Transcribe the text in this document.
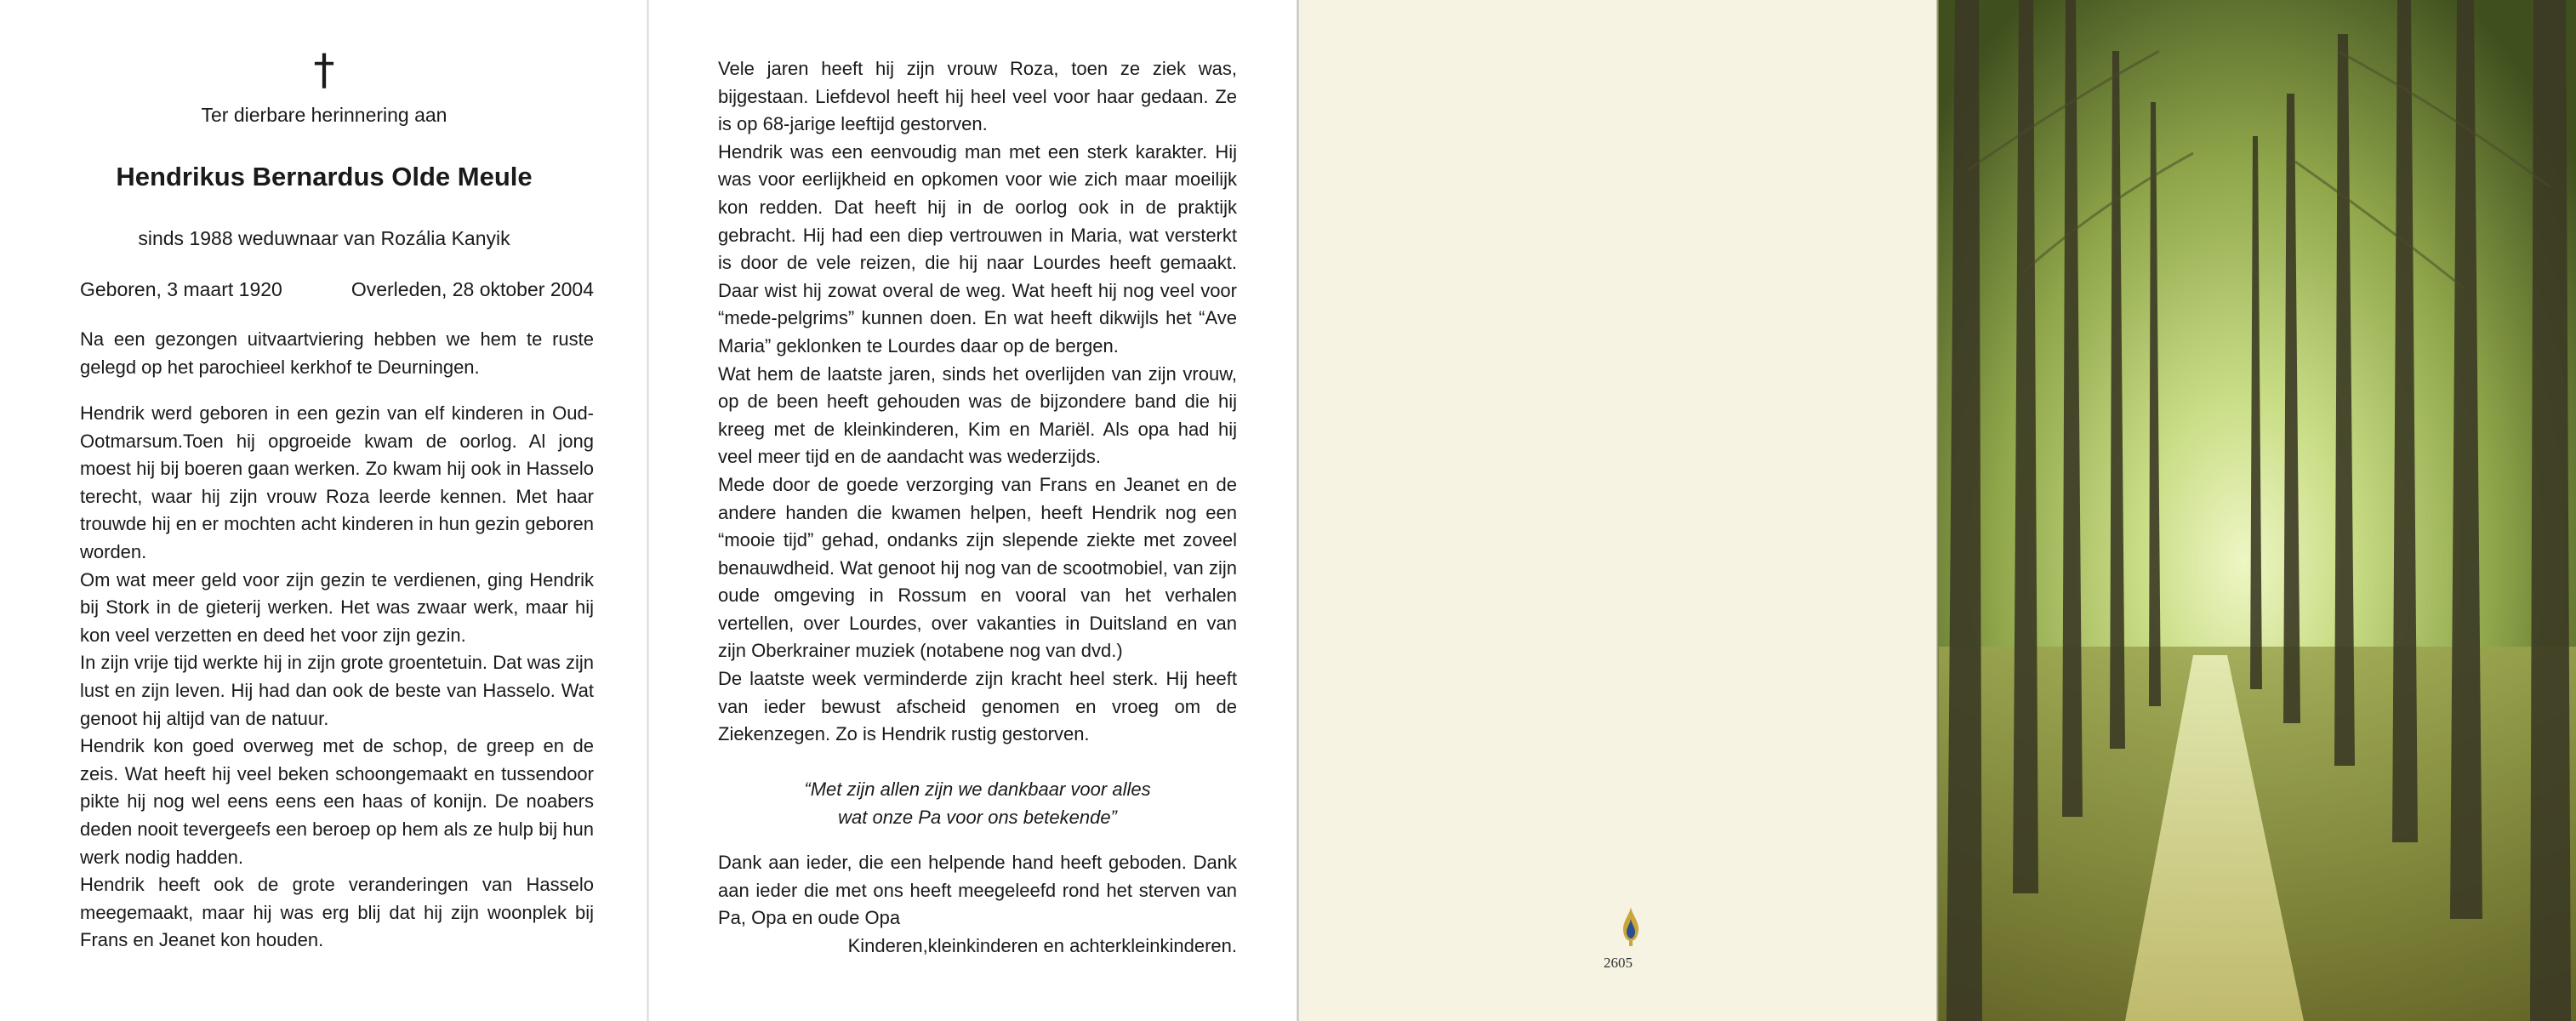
†
Ter dierbare herinnering aan
Hendrikus Bernardus Olde Meule
sinds 1988 weduwnaar van Rozália Kanyik
Geboren, 3 maart 1920	Overleden, 28 oktober 2004

Na een gezongen uitvaartviering hebben we hem te ruste gelegd op het parochieel kerkhof te Deurningen.

Hendrik werd geboren in een gezin van elf kinderen in Oud-Ootmarsum.Toen hij opgroeide kwam de oorlog. Al jong moest hij bij boeren gaan werken. Zo kwam hij ook in Hasselo terecht, waar hij zijn vrouw Roza leerde kennen. Met haar trouwde hij en er mochten acht kinderen in hun gezin geboren worden.

Om wat meer geld voor zijn gezin te verdienen, ging Hendrik bij Stork in de gieterij werken. Het was zwaar werk, maar hij kon veel verzetten en deed het voor zijn gezin.

In zijn vrije tijd werkte hij in zijn grote groentetuin. Dat was zijn lust en zijn leven. Hij had dan ook de beste van Hasselo. Wat genoot hij altijd van de natuur.

Hendrik kon goed overweg met de schop, de greep en de zeis. Wat heeft hij veel beken schoongemaakt en tussendoor pikte hij nog wel eens eens een haas of konijn. De noabers deden nooit tevergeefs een beroep op hem als ze hulp bij hun werk nodig hadden.

Hendrik heeft ook de grote veranderingen van Hasselo meegemaakt, maar hij was erg blij dat hij zijn woonplek bij Frans en Jeanet kon houden.

Vele jaren heeft hij zijn vrouw Roza, toen ze ziek was, bijgestaan. Liefdevol heeft hij heel veel voor haar gedaan. Ze is op 68-jarige leeftijd gestorven.

Hendrik was een eenvoudig man met een sterk karakter. Hij was voor eerlijkheid en opkomen voor wie zich maar moeilijk kon redden. Dat heeft hij in de oorlog ook in de praktijk gebracht. Hij had een diep vertrouwen in Maria, wat versterkt is door de vele reizen, die hij naar Lourdes heeft gemaakt. Daar wist hij zowat overal de weg. Wat heeft hij nog veel voor “mede-pelgrims” kunnen doen. En wat heeft dikwijls het “Ave Maria” geklonken te Lourdes daar op de bergen.

Wat hem de laatste jaren, sinds het overlijden van zijn vrouw, op de been heeft gehouden was de bijzondere band die hij kreeg met de kleinkinderen, Kim en Mariël. Als opa had hij veel meer tijd en de aandacht was wederzijds.

Mede door de goede verzorging van Frans en Jeanet en de andere handen die kwamen helpen, heeft Hendrik nog een “mooie tijd” gehad, ondanks zijn slepende ziekte met zoveel benauwdheid. Wat genoot hij nog van de scootmobiel, van zijn oude omgeving in Rossum en vooral van het verhalen vertellen, over Lourdes, over vakanties in Duitsland en van zijn Oberkrainer muziek (notabene nog van dvd.)

De laatste week verminderde zijn kracht heel sterk. Hij heeft van ieder bewust afscheid genomen en vroeg om de Ziekenzegen. Zo is Hendrik rustig gestorven.

“Met zijn allen zijn we dankbaar voor alles

wat onze Pa voor ons betekende”

Dank aan ieder, die een helpende hand heeft geboden. Dank aan ieder die met ons heeft meegeleefd rond het sterven van Pa, Opa en oude Opa

Kinderen,kleinkinderen en achterkleinkinderen.
2605
